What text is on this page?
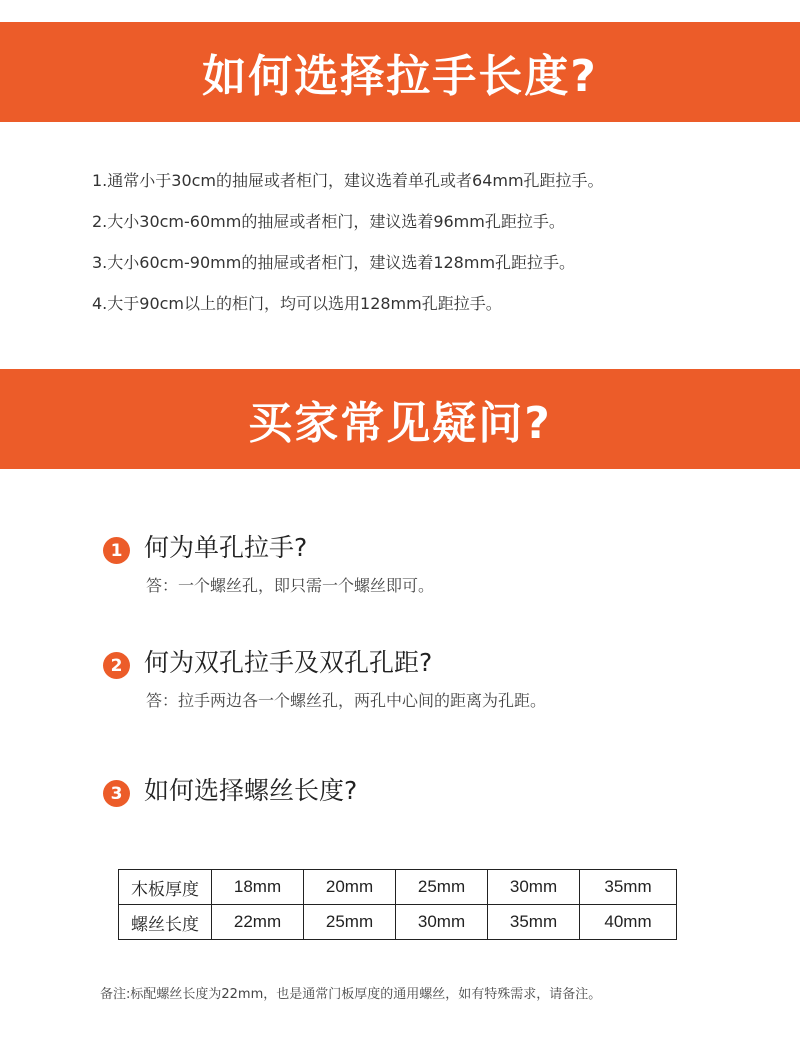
如何选择拉手长度?
1.通常小于30cm的抽屉或者柜门，建议选着单孔或者64mm孔距拉手。
2.大小30cm-60mm的抽屉或者柜门，建议选着96mm孔距拉手。
3.大小60cm-90mm的抽屉或者柜门，建议选着128mm孔距拉手。
4.大于90cm以上的柜门，均可以选用128mm孔距拉手。
买家常见疑问?
1 何为单孔拉手?
答：一个螺丝孔，即只需一个螺丝即可。
2 何为双孔拉手及双孔孔距?
答：拉手两边各一个螺丝孔，两孔中心间的距离为孔距。
3 如何选择螺丝长度?
木板厚度	18mm	20mm	25mm	30mm	35mm
螺丝长度	22mm	25mm	30mm	35mm	40mm
备注:标配螺丝长度为22mm，也是通常门板厚度的通用螺丝，如有特殊需求，请备注。
